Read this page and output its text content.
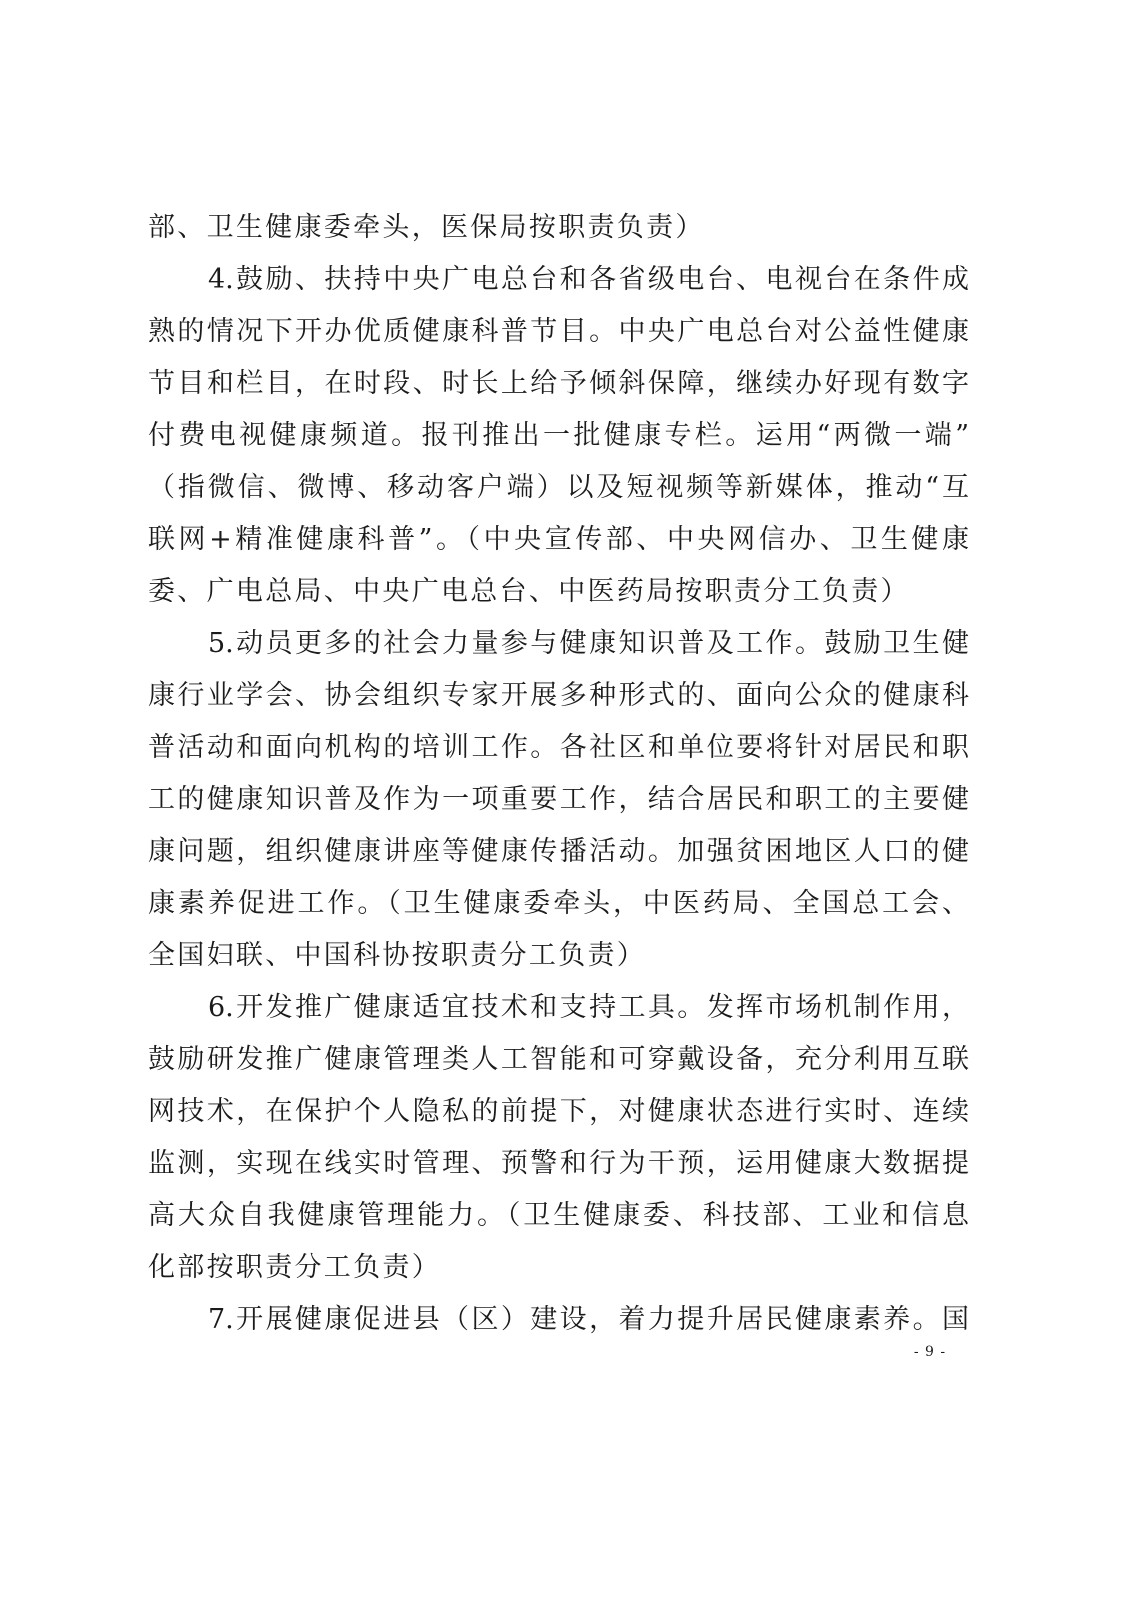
部、卫生健康委牵头，医保局按职责负责）
4.鼓励、扶持中央广电总台和各省级电台、电视台在条件成
熟的情况下开办优质健康科普节目。中央广电总台对公益性健康
节目和栏目，在时段、时长上给予倾斜保障，继续办好现有数字
付费电视健康频道。报刊推出一批健康专栏。运用“两微一端”
（指微信、微博、移动客户端）以及短视频等新媒体，推动“互
联网+精准健康科普”。（中央宣传部、中央网信办、卫生健康
委、广电总局、中央广电总台、中医药局按职责分工负责）
5.动员更多的社会力量参与健康知识普及工作。鼓励卫生健
康行业学会、协会组织专家开展多种形式的、面向公众的健康科
普活动和面向机构的培训工作。各社区和单位要将针对居民和职
工的健康知识普及作为一项重要工作，结合居民和职工的主要健
康问题，组织健康讲座等健康传播活动。加强贫困地区人口的健
康素养促进工作。（卫生健康委牵头，中医药局、全国总工会、
全国妇联、中国科协按职责分工负责）
6.开发推广健康适宜技术和支持工具。发挥市场机制作用，
鼓励研发推广健康管理类人工智能和可穿戴设备，充分利用互联
网技术，在保护个人隐私的前提下，对健康状态进行实时、连续
监测，实现在线实时管理、预警和行为干预，运用健康大数据提
高大众自我健康管理能力。（卫生健康委、科技部、工业和信息
化部按职责分工负责）
7.开展健康促进县（区）建设，着力提升居民健康素养。国
- 9 -
